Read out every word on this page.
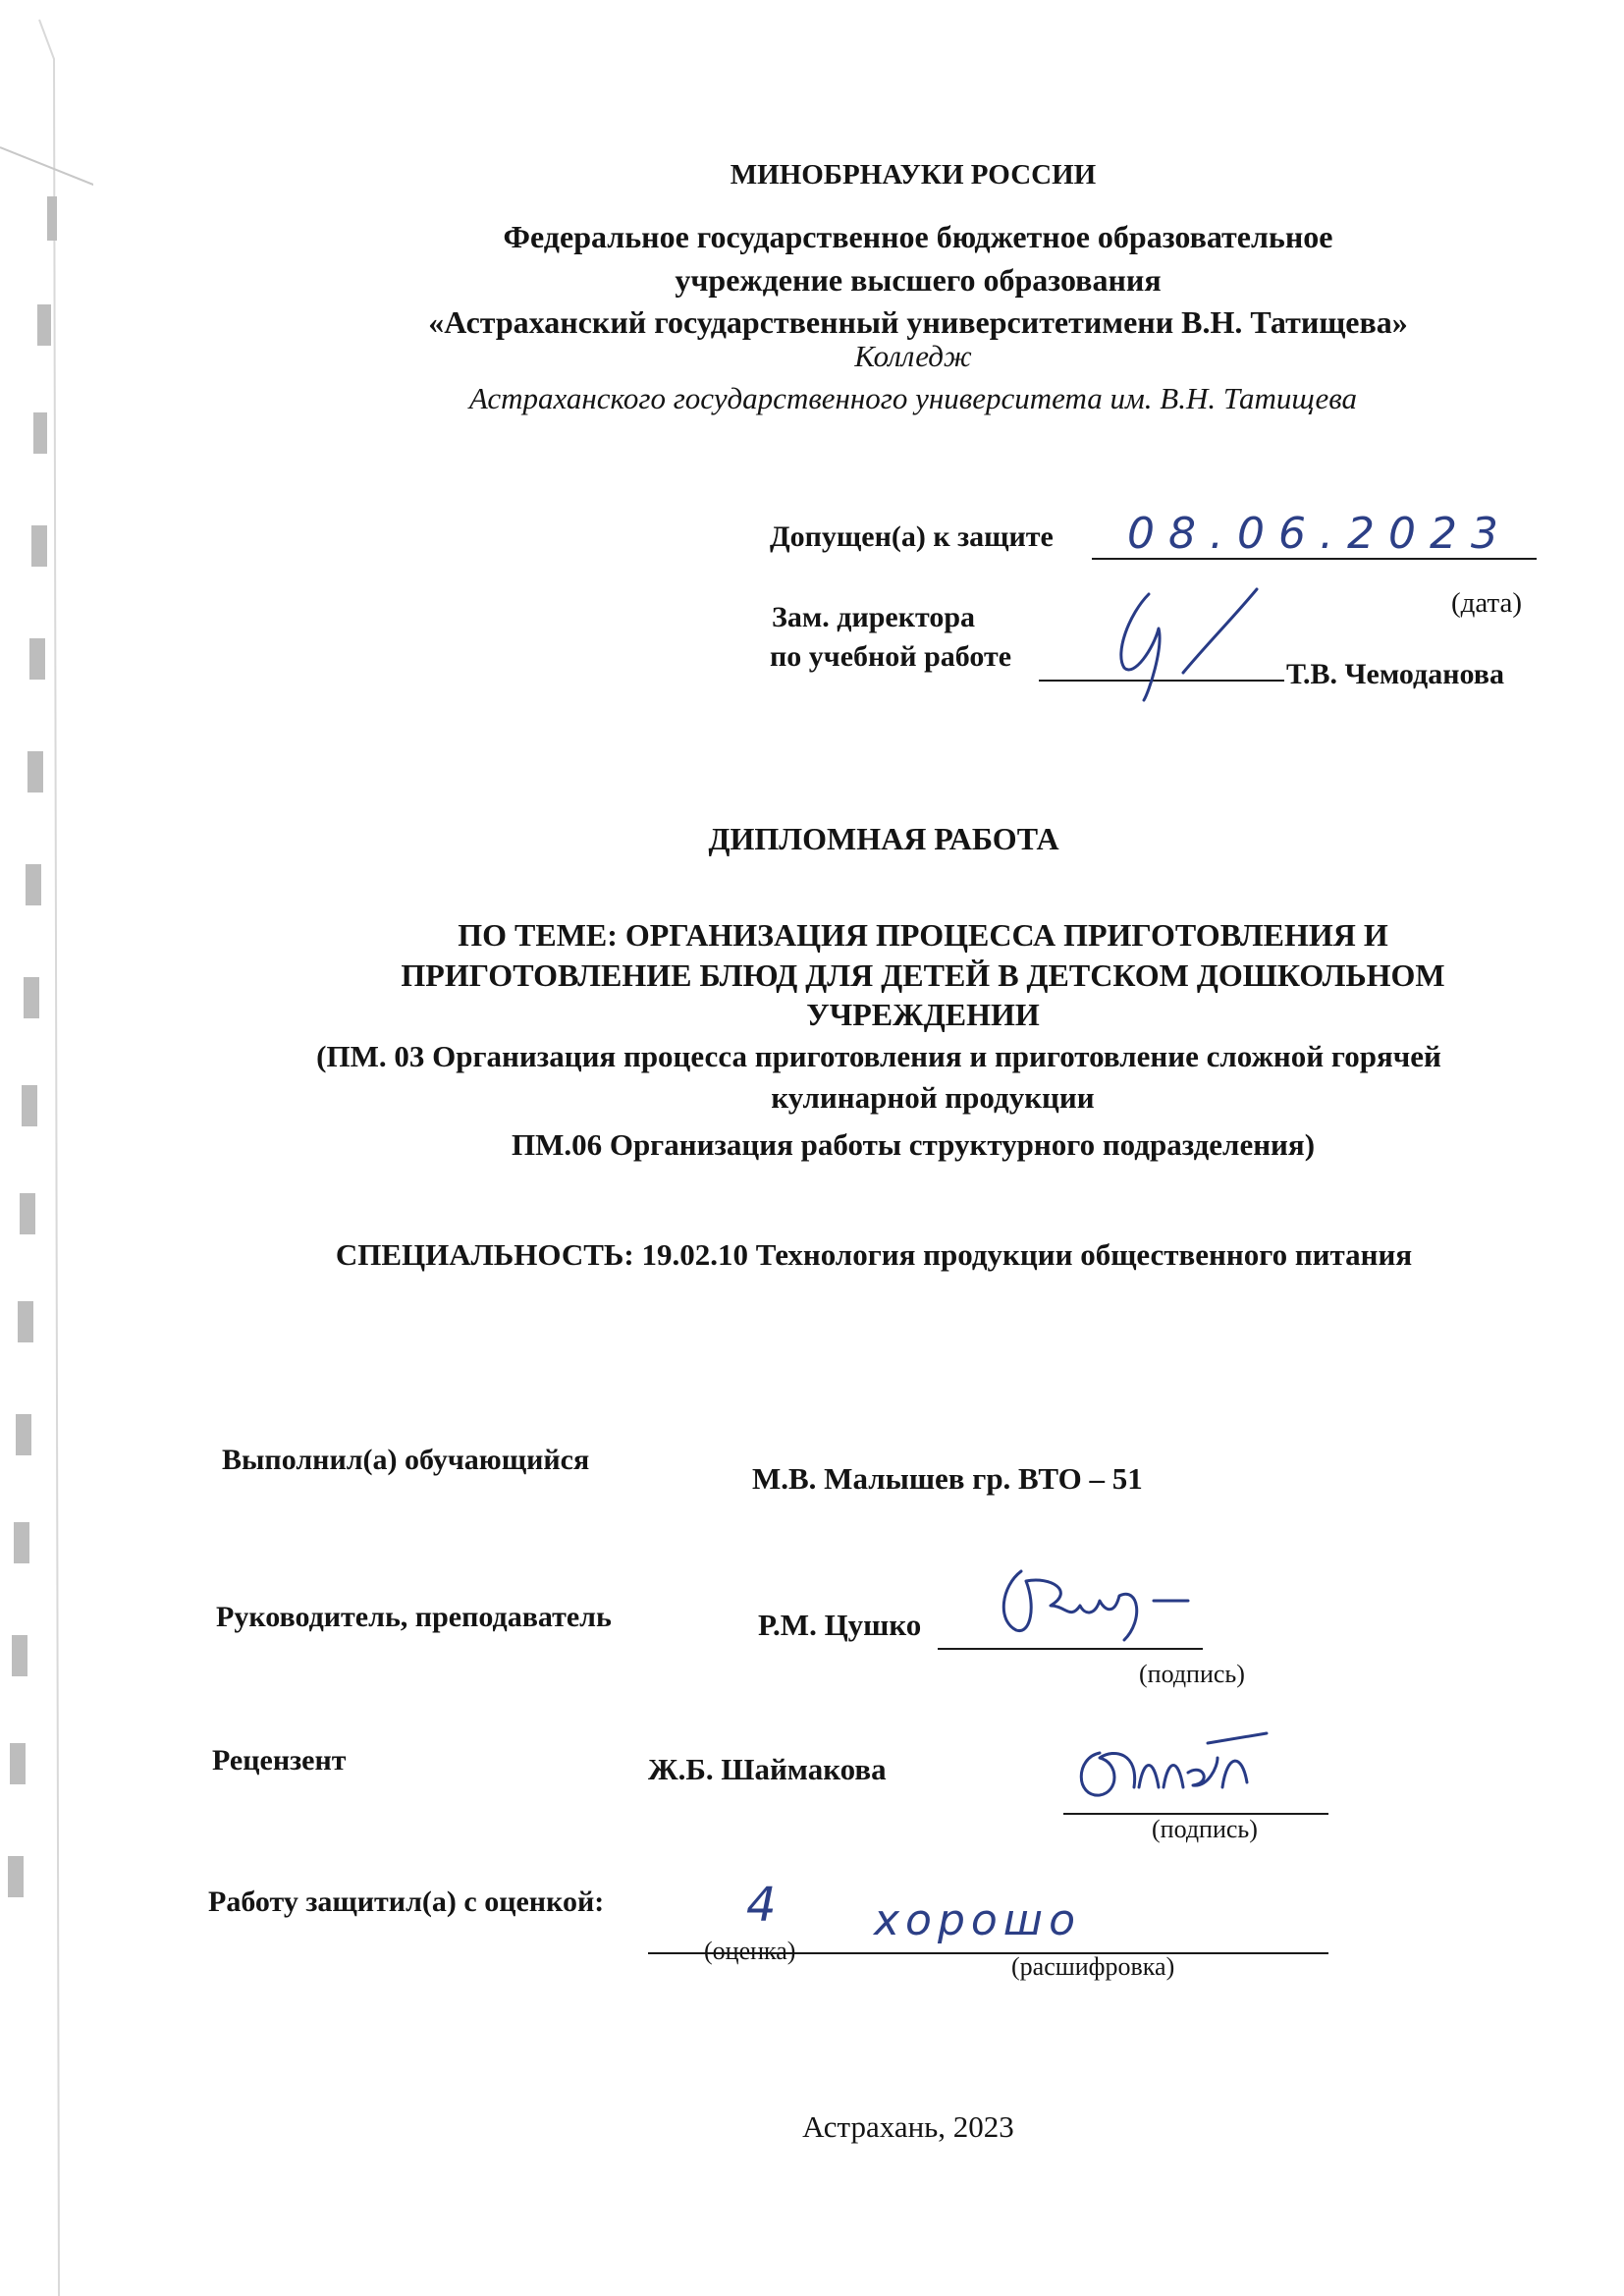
МИНОБРНАУКИ РОССИИ
Федеральное государственное бюджетное образовательное
учреждение высшего образования
«Астраханский государственный университетимени В.Н. Татищева»
Колледж
Астраханского государственного университета им. В.Н. Татищева
Допущен(а) к защите 08.06.2023
(дата)
Зам. директора
по учебной работе
Т.В. Чемоданова
ДИПЛОМНАЯ РАБОТА
ПО ТЕМЕ: ОРГАНИЗАЦИЯ ПРОЦЕССА ПРИГОТОВЛЕНИЯ И
ПРИГОТОВЛЕНИЕ БЛЮД ДЛЯ ДЕТЕЙ В ДЕТСКОМ ДОШКОЛЬНОМ
УЧРЕЖДЕНИИ
(ПМ. 03 Организация процесса приготовления и приготовление сложной горячей
кулинарной продукции
ПМ.06 Организация работы структурного подразделения)
СПЕЦИАЛЬНОСТЬ: 19.02.10 Технология продукции общественного питания
Выполнил(а) обучающийся
М.В. Малышев гр. ВТО – 51
Руководитель, преподаватель	Р.М. Цушко
(подпись)
Рецензент	Ж.Б. Шаймакова
(подпись)
Работу защитил(а) с оценкой:	4 хорошо
(оценка)
(расшифровка)
Астрахань, 2023
